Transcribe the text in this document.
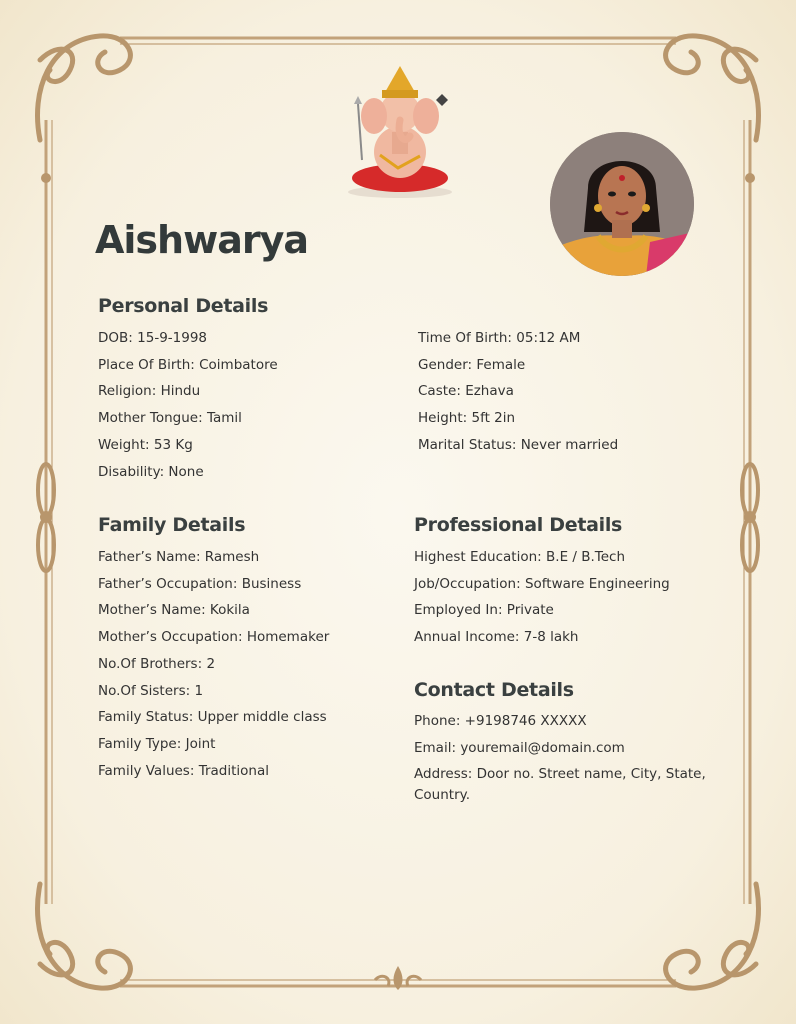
Aishwarya
Personal Details
DOB : 15-9-1998
Place Of Birth : Coimbatore
Religion : Hindu
Mother Tongue : Tamil
Weight : 53 Kg
Disability : None
Time Of Birth : 05:12 AM
Gender : Female
Caste : Ezhava
Height : 5ft 2in
Marital Status : Never married
Family Details
Father’s Name : Ramesh
Father’s Occupation : Business
Mother’s Name : Kokila
Mother’s Occupation : Homemaker
No.Of Brothers : 2
No.Of Sisters : 1
Family Status : Upper middle class
Family Type : Joint
Family Values : Traditional
Professional Details
Highest Education: B.E / B.Tech
Job/Occupation : Software Engineering
Employed In : Private
Annual Income : 7-8 lakh
Contact Details
Phone : +9198746 XXXXX
Email : youremail@domain.com
Address : Door no. Street name, City, State, Country.
